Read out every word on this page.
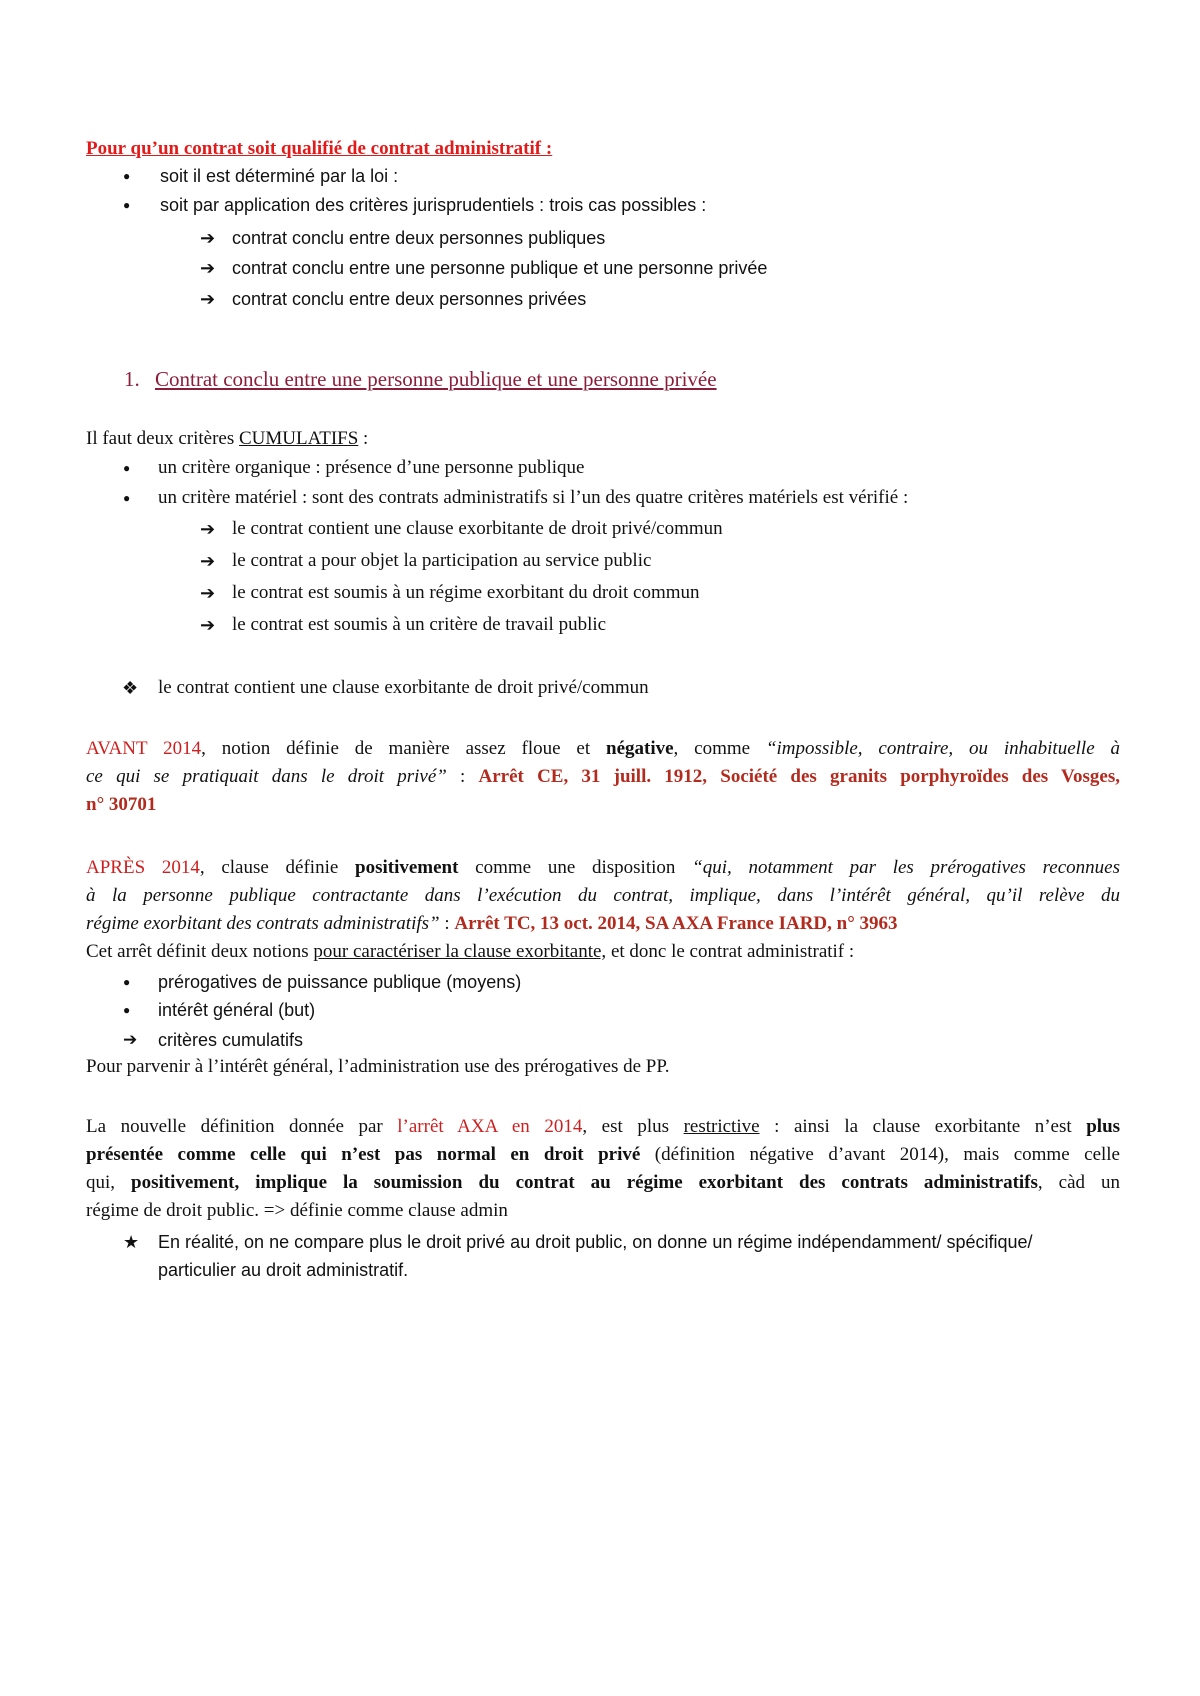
Pour qu’un contrat soit qualifié de contrat administratif :
● soit il est déterminé par la loi :
● soit par application des critères jurisprudentiels : trois cas possibles :
➔ contrat conclu entre deux personnes publiques
➔ contrat conclu entre une personne publique et une personne privée
➔ contrat conclu entre deux personnes privées
1. Contrat conclu entre une personne publique et une personne privée
Il faut deux critères CUMULATIFS :
● un critère organique : présence d’une personne publique
● un critère matériel : sont des contrats administratifs si l’un des quatre critères matériels est vérifié :
➔ le contrat contient une clause exorbitante de droit privé/commun
➔ le contrat a pour objet la participation au service public
➔ le contrat est soumis à un régime exorbitant du droit commun
➔ le contrat est soumis à un critère de travail public
❖ le contrat contient une clause exorbitante de droit privé/commun
AVANT 2014, notion définie de manière assez floue et négative, comme “impossible, contraire, ou inhabituelle à
ce qui se pratiquait dans le droit privé” : Arrêt CE, 31 juill. 1912, Société des granits porphyroïdes des Vosges,
n° 30701
APRÈS 2014, clause définie positivement comme une disposition “qui, notamment par les prérogatives reconnues
à la personne publique contractante dans l’exécution du contrat, implique, dans l’intérêt général, qu’il relève du
régime exorbitant des contrats administratifs” : Arrêt TC, 13 oct. 2014, SA AXA France IARD, n° 3963
Cet arrêt définit deux notions pour caractériser la clause exorbitante, et donc le contrat administratif :
● prérogatives de puissance publique (moyens)
● intérêt général (but)
➔ critères cumulatifs
Pour parvenir à l’intérêt général, l’administration use des prérogatives de PP.
La nouvelle définition donnée par l’arrêt AXA en 2014, est plus restrictive : ainsi la clause exorbitante n’est plus
présentée comme celle qui n’est pas normal en droit privé (définition négative d’avant 2014), mais comme celle
qui, positivement, implique la soumission du contrat au régime exorbitant des contrats administratifs, càd un
régime de droit public. => définie comme clause admin
★ En réalité, on ne compare plus le droit privé au droit public, on donne un régime indépendamment/ spécifique/
particulier au droit administratif.
